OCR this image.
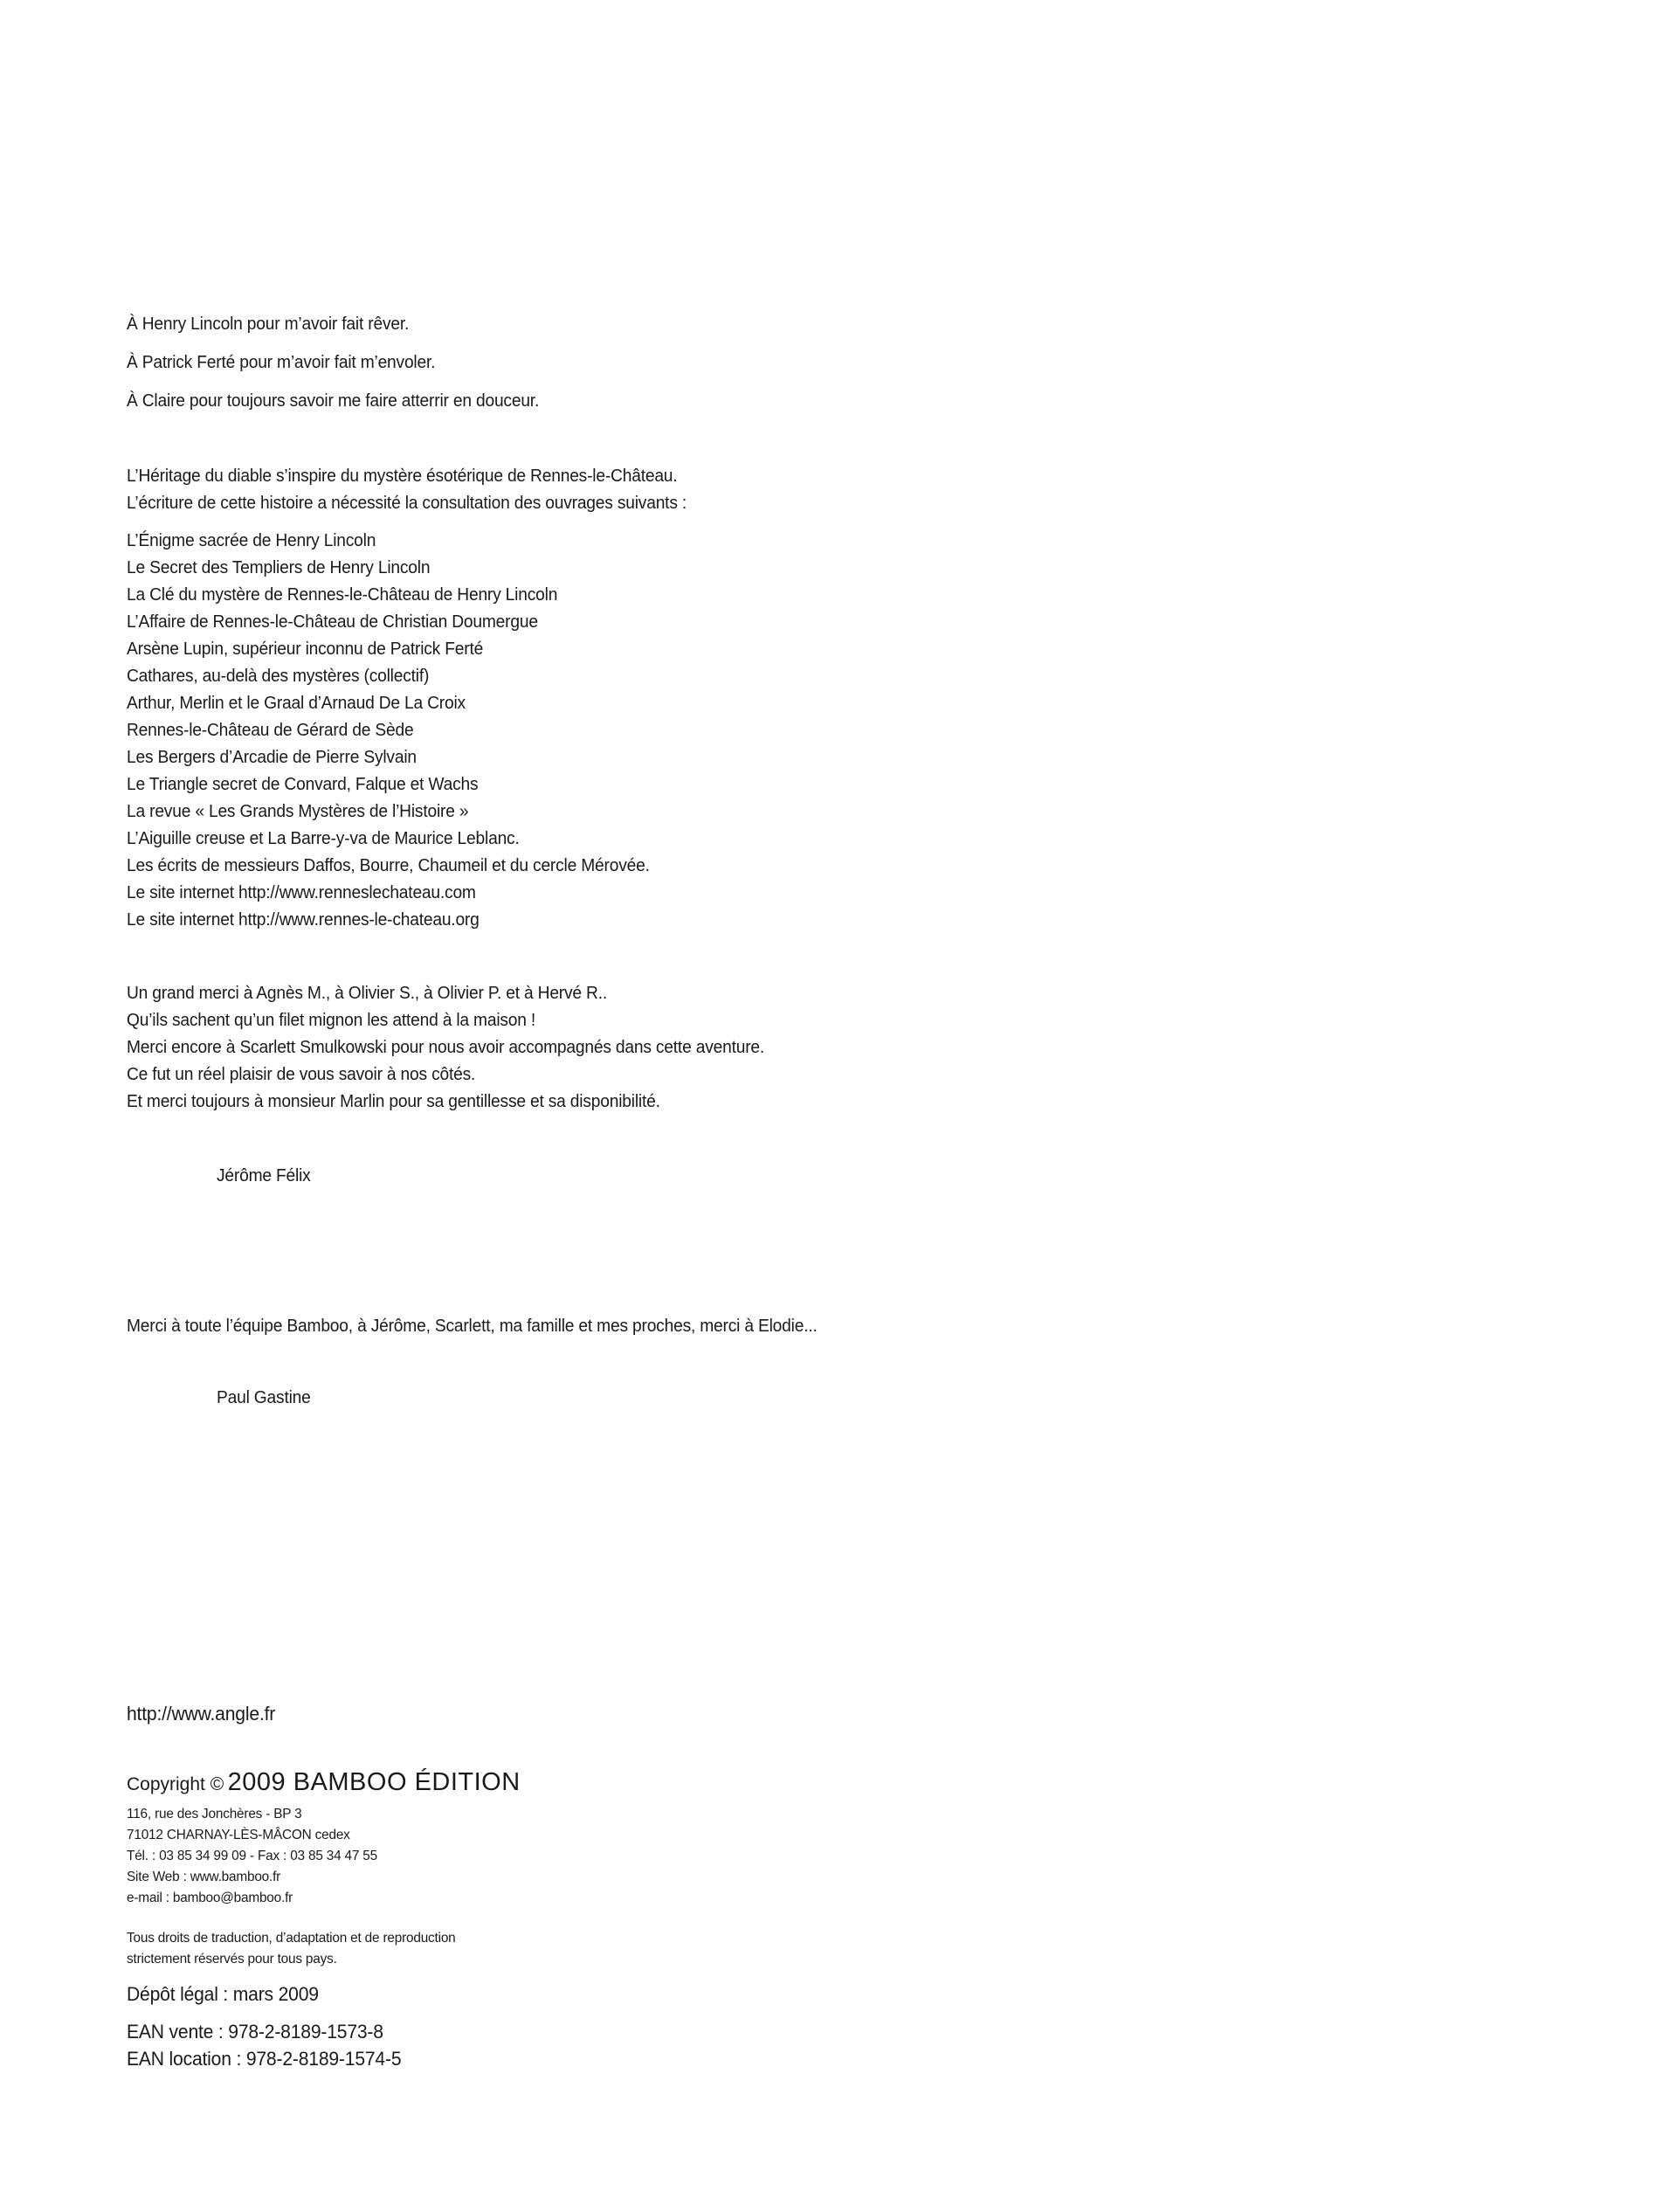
À Henry Lincoln pour m’avoir fait rêver.
À Patrick Ferté pour m’avoir fait m’envoler.
À Claire pour toujours savoir me faire atterrir en douceur.
L’Héritage du diable s’inspire du mystère ésotérique de Rennes-le-Château.
L’écriture de cette histoire a nécessité la consultation des ouvrages suivants :
L’Énigme sacrée de Henry Lincoln
Le Secret des Templiers de Henry Lincoln
La Clé du mystère de Rennes-le-Château de Henry Lincoln
L’Affaire de Rennes-le-Château de Christian Doumergue
Arsène Lupin, supérieur inconnu de Patrick Ferté
Cathares, au-delà des mystères (collectif)
Arthur, Merlin et le Graal d’Arnaud De La Croix
Rennes-le-Château de Gérard de Sède
Les Bergers d’Arcadie de Pierre Sylvain
Le Triangle secret de Convard, Falque et Wachs
La revue « Les Grands Mystères de l’Histoire »
L’Aiguille creuse et La Barre-y-va de Maurice Leblanc.
Les écrits de messieurs Daffos, Bourre, Chaumeil et du cercle Mérovée.
Le site internet http://www.renneslechateau.com
Le site internet http://www.rennes-le-chateau.org
Un grand merci à Agnès M., à Olivier S., à Olivier P. et à Hervé R..
Qu’ils sachent qu’un filet mignon les attend à la maison !
Merci encore à Scarlett Smulkowski pour nous avoir accompagnés dans cette aventure.
Ce fut un réel plaisir de vous savoir à nos côtés.
Et merci toujours à monsieur Marlin pour sa gentillesse et sa disponibilité.
Jérôme Félix
Merci à toute l’équipe Bamboo, à Jérôme, Scarlett, ma famille et mes proches, merci à Elodie...
Paul Gastine
http://www.angle.fr
Copyright © 2009 BAMBOO ÉDITION
116, rue des Jonchères - BP 3
71012 CHARNAY-LÈS-MÂCON cedex
Tél. : 03 85 34 99 09 - Fax : 03 85 34 47 55
Site Web : www.bamboo.fr
e-mail : bamboo@bamboo.fr
Tous droits de traduction, d’adaptation et de reproduction
strictement réservés pour tous pays.
Dépôt légal : mars 2009
EAN vente : 978-2-8189-1573-8
EAN location : 978-2-8189-1574-5
